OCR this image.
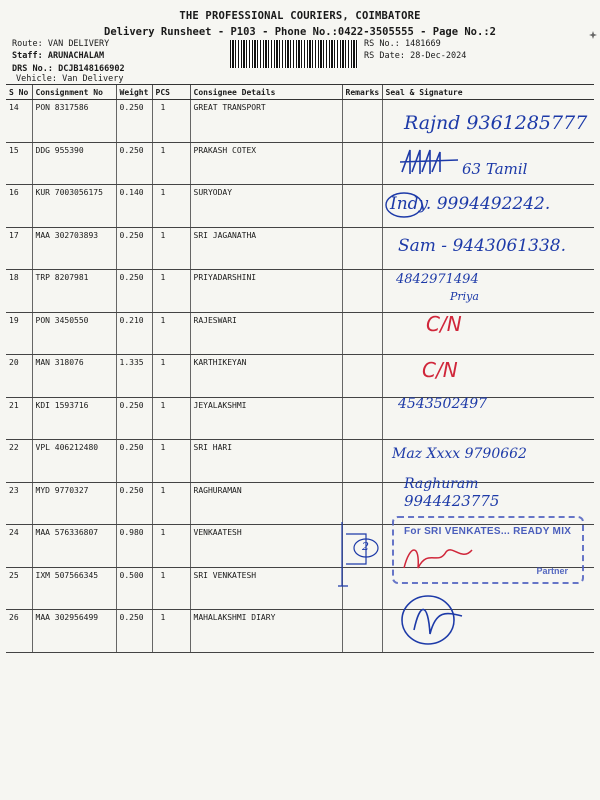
THE PROFESSIONAL COURIERS, COIMBATORE
Delivery Runsheet - P103 - Phone No.:0422-3505555 - Page No.:2
Route: VAN DELIVERY
Staff: ARUNACHALAM
DRS No.: DCJB148166902
Vehicle: Van Delivery
RS No.: 1481669
RS Date: 28-Dec-2024
S No	Consignment No	Weight	PCS	Consignee Details	Remarks	Seal & Signature
14	PON 8317586	0.250	1	GREAT TRANSPORT		
15	DDG 955390	0.250	1	PRAKASH COTEX		
16	KUR 7003056175	0.140	1	SURYODAY		
17	MAA 302703893	0.250	1	SRI JAGANATHA		
18	TRP 8207981	0.250	1	PRIYADARSHINI		
19	PON 3450550	0.210	1	RAJESWARI		
20	MAN 318076	1.335	1	KARTHIKEYAN		
21	KDI 1593716	0.250	1	JEYALAKSHMI		
22	VPL 406212480	0.250	1	SRI HARI		
23	MYD 9770327	0.250	1	RAGHURAMAN		
24	MAA 576336807	0.980	1	VENKAATESH		
25	IXM 507566345	0.500	1	SRI VENKATESH		
26	MAA 302956499	0.250	1	MAHALAKSHMI DIARY		
Rajnd 9361285777
63 Tamil
Indy. 9994492242.
Sam - 9443061338.
4842971494
Priya
C/N
C/N
4543502497
Maz Xxxx 9790662
Raghuram
9944423775
2
For SRI VENKATES... READY MIX
Partner
